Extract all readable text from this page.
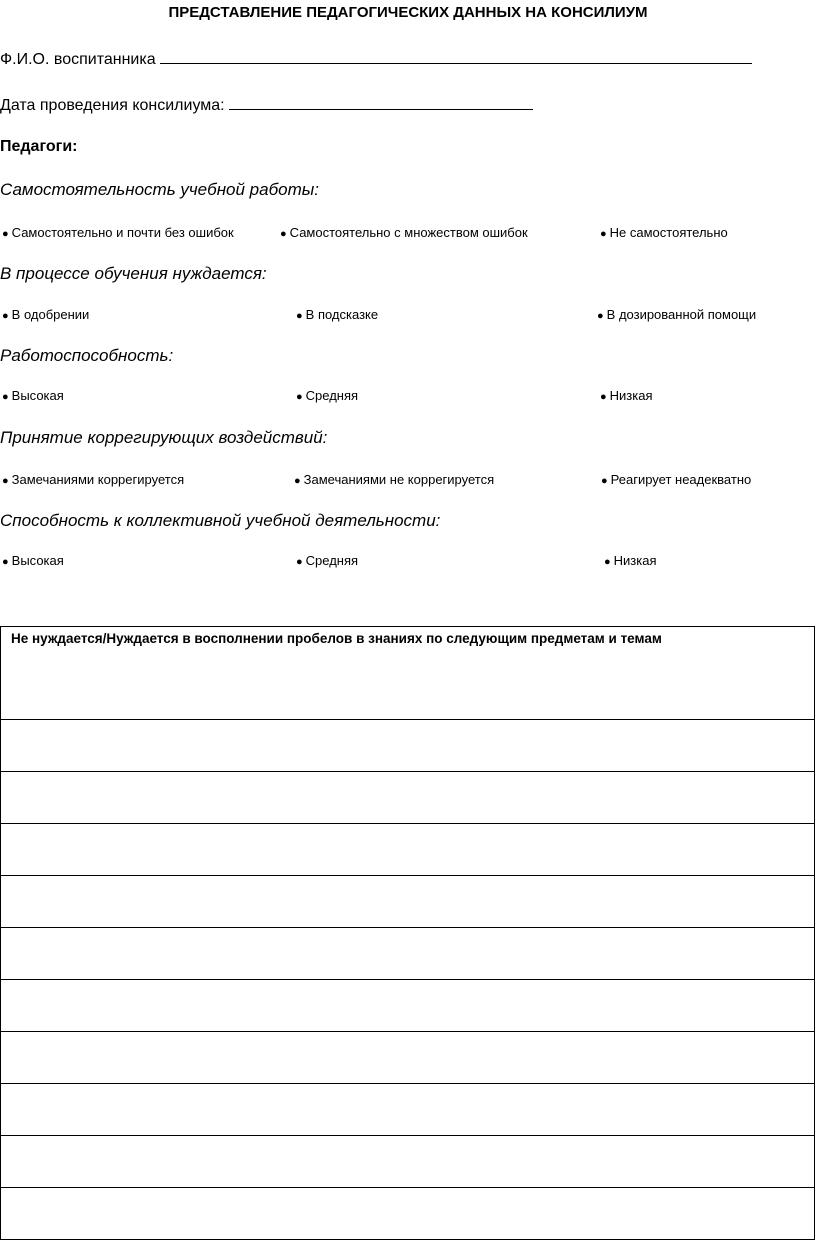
ПРЕДСТАВЛЕНИЕ ПЕДАГОГИЧЕСКИХ ДАННЫХ НА КОНСИЛИУМ
Ф.И.О. воспитанника
Дата проведения консилиума:
Педагоги:
Самостоятельность учебной работы:
● Самостоятельно и почти без ошибок	● Самостоятельно с множеством ошибок	● Не самостоятельно
В процессе обучения нуждается:
● В одобрении	● В подсказке	● В дозированной помощи
Работоспособность:
● Высокая	● Средняя	● Низкая
Принятие коррегирующих воздействий:
● Замечаниями коррегируется	● Замечаниями не коррегируется	● Реагирует неадекватно
Способность к коллективной учебной деятельности:
● Высокая	● Средняя	● Низкая
Не нуждается/Нуждается в восполнении пробелов в знаниях по следующим предметам и темам
